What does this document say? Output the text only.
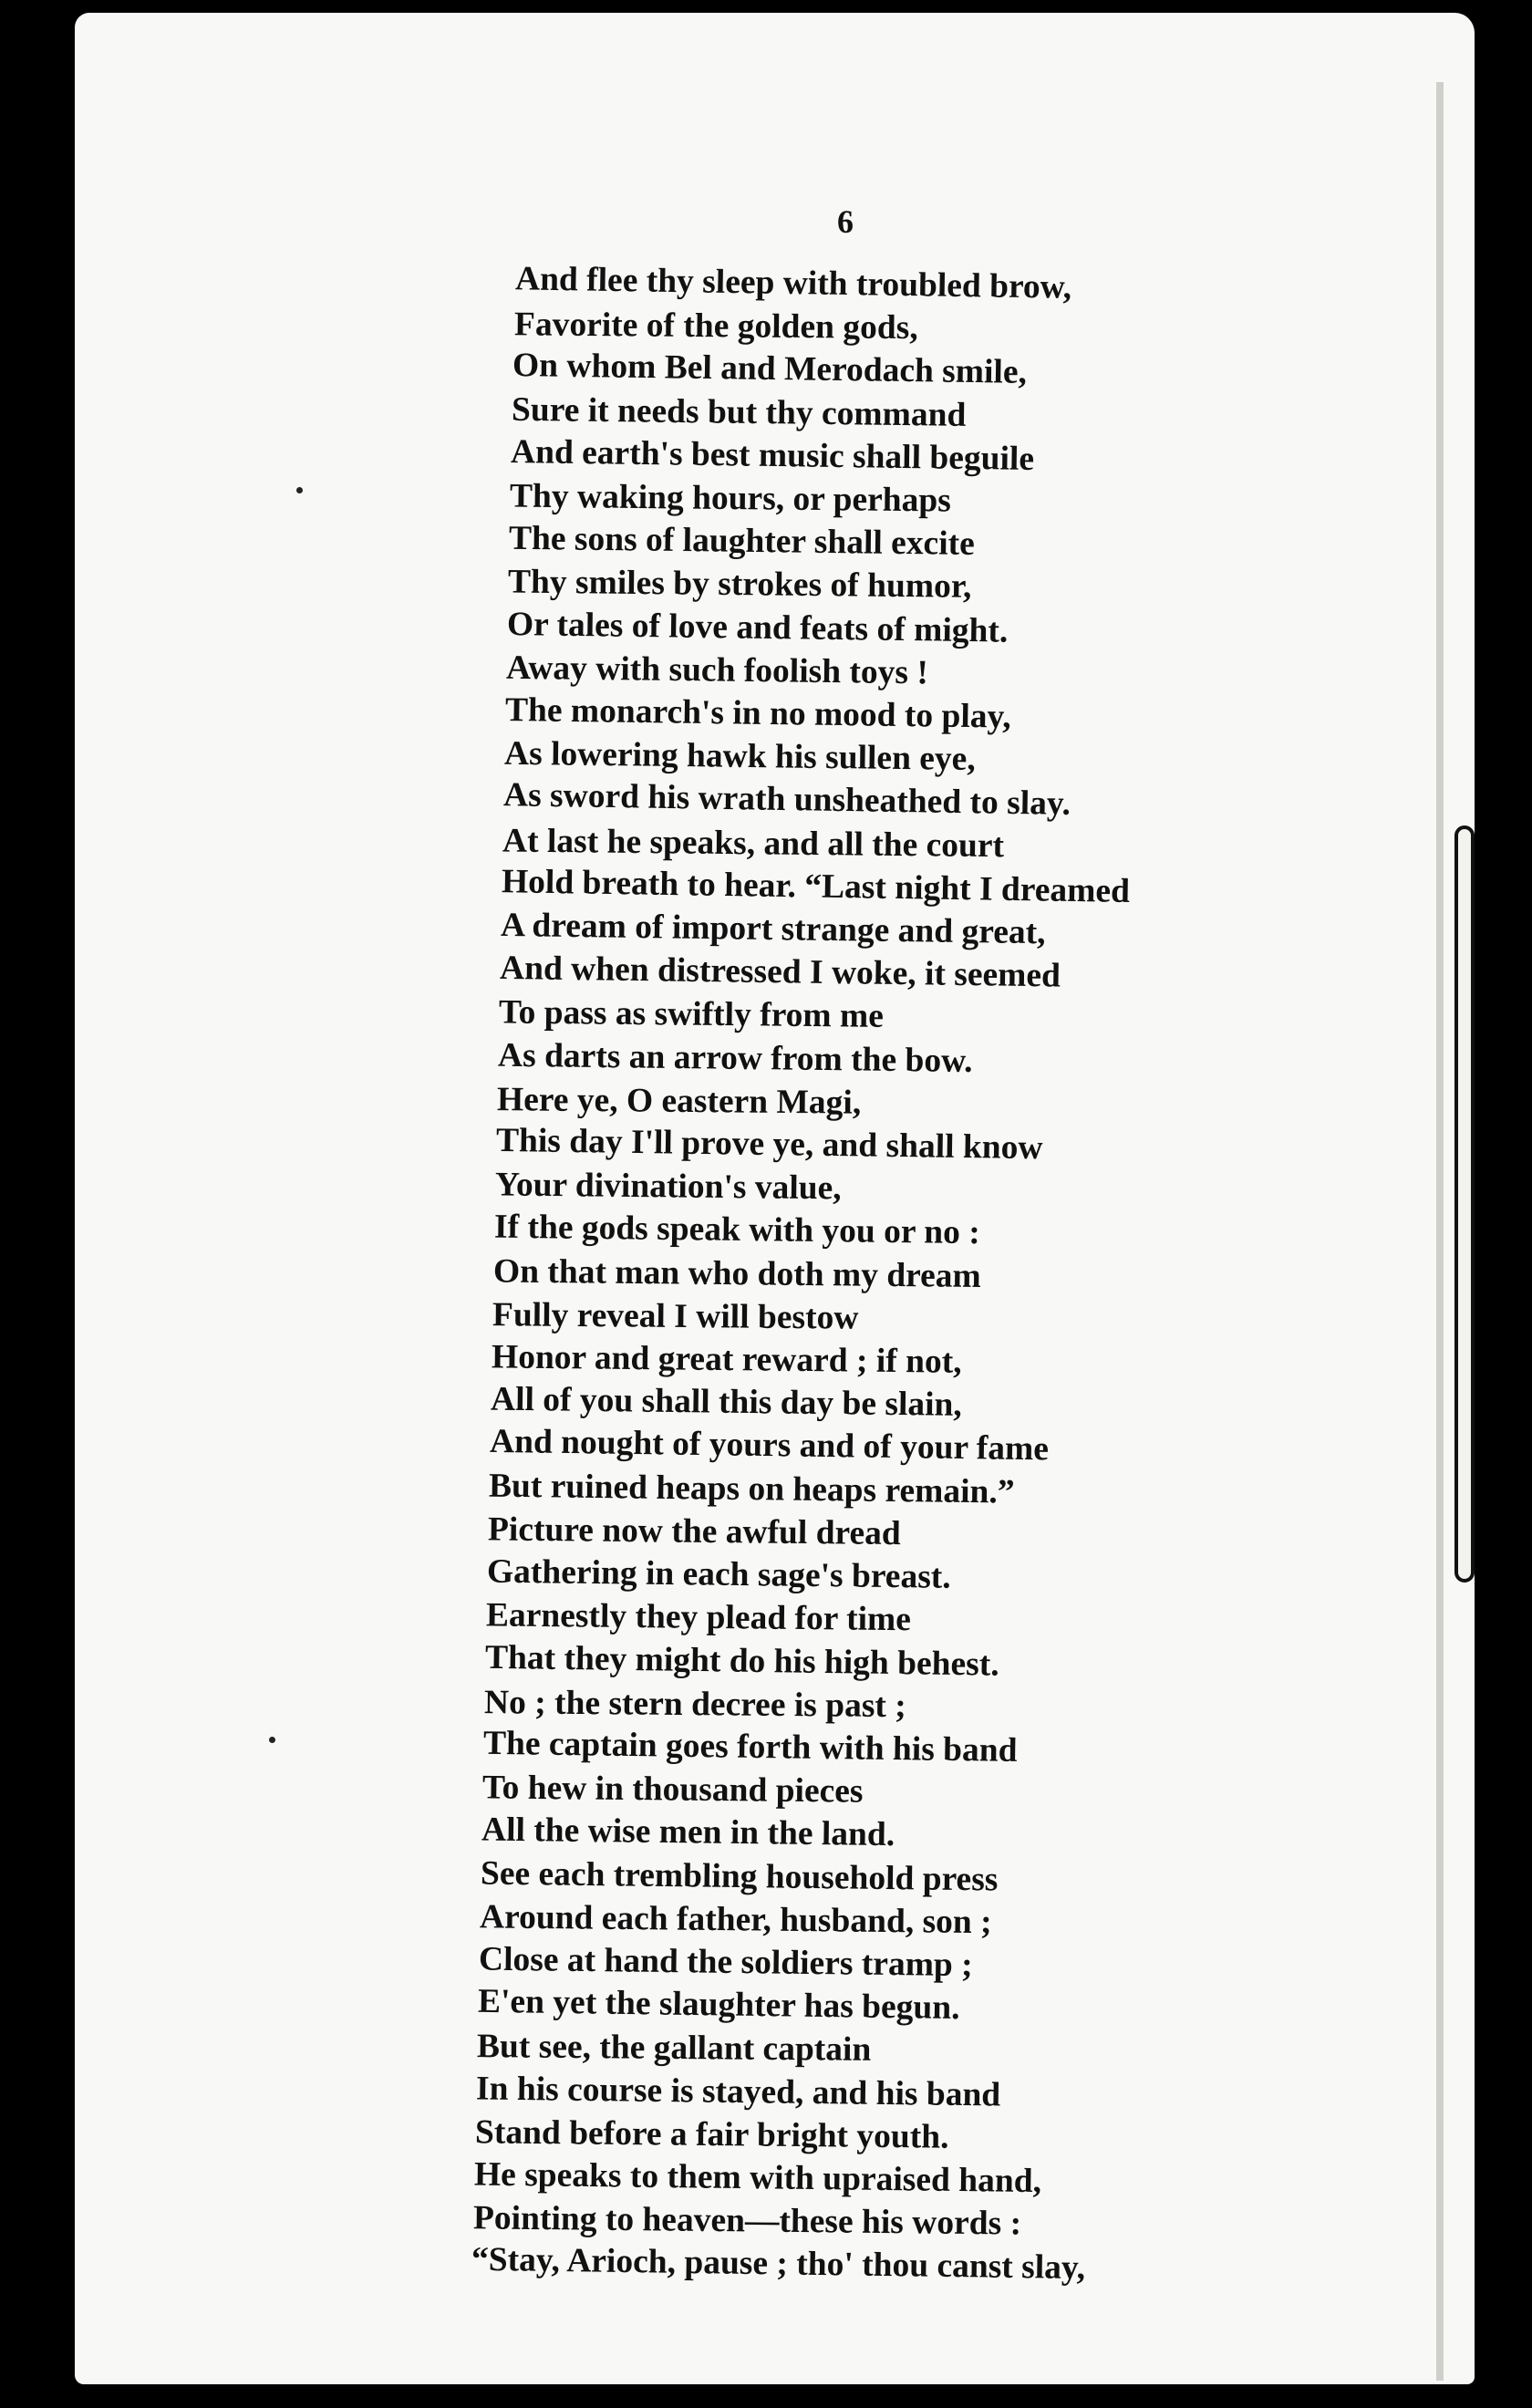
6
And flee thy sleep with troubled brow,
Favorite of the golden gods,
On whom Bel and Merodach smile,
Sure it needs but thy command
And earth's best music shall beguile
Thy waking hours, or perhaps
The sons of laughter shall excite
Thy smiles by strokes of humor,
Or tales of love and feats of might.
Away with such foolish toys !
The monarch's in no mood to play,
As lowering hawk his sullen eye,
As sword his wrath unsheathed to slay.
At last he speaks, and all the court
Hold breath to hear. “Last night I dreamed
A dream of import strange and great,
And when distressed I woke, it seemed
To pass as swiftly from me
As darts an arrow from the bow.
Here ye, O eastern Magi,
This day I'll prove ye, and shall know
Your divination's value,
If the gods speak with you or no :
On that man who doth my dream
Fully reveal I will bestow
Honor and great reward ; if not,
All of you shall this day be slain,
And nought of yours and of your fame
But ruined heaps on heaps remain.”
Picture now the awful dread
Gathering in each sage's breast.
Earnestly they plead for time
That they might do his high behest.
No ; the stern decree is past ;
The captain goes forth with his band
To hew in thousand pieces
All the wise men in the land.
See each trembling household press
Around each father, husband, son ;
Close at hand the soldiers tramp ;
E'en yet the slaughter has begun.
But see, the gallant captain
In his course is stayed, and his band
Stand before a fair bright youth.
He speaks to them with upraised hand,
Pointing to heaven—these his words :
“Stay, Arioch, pause ; tho' thou canst slay,
